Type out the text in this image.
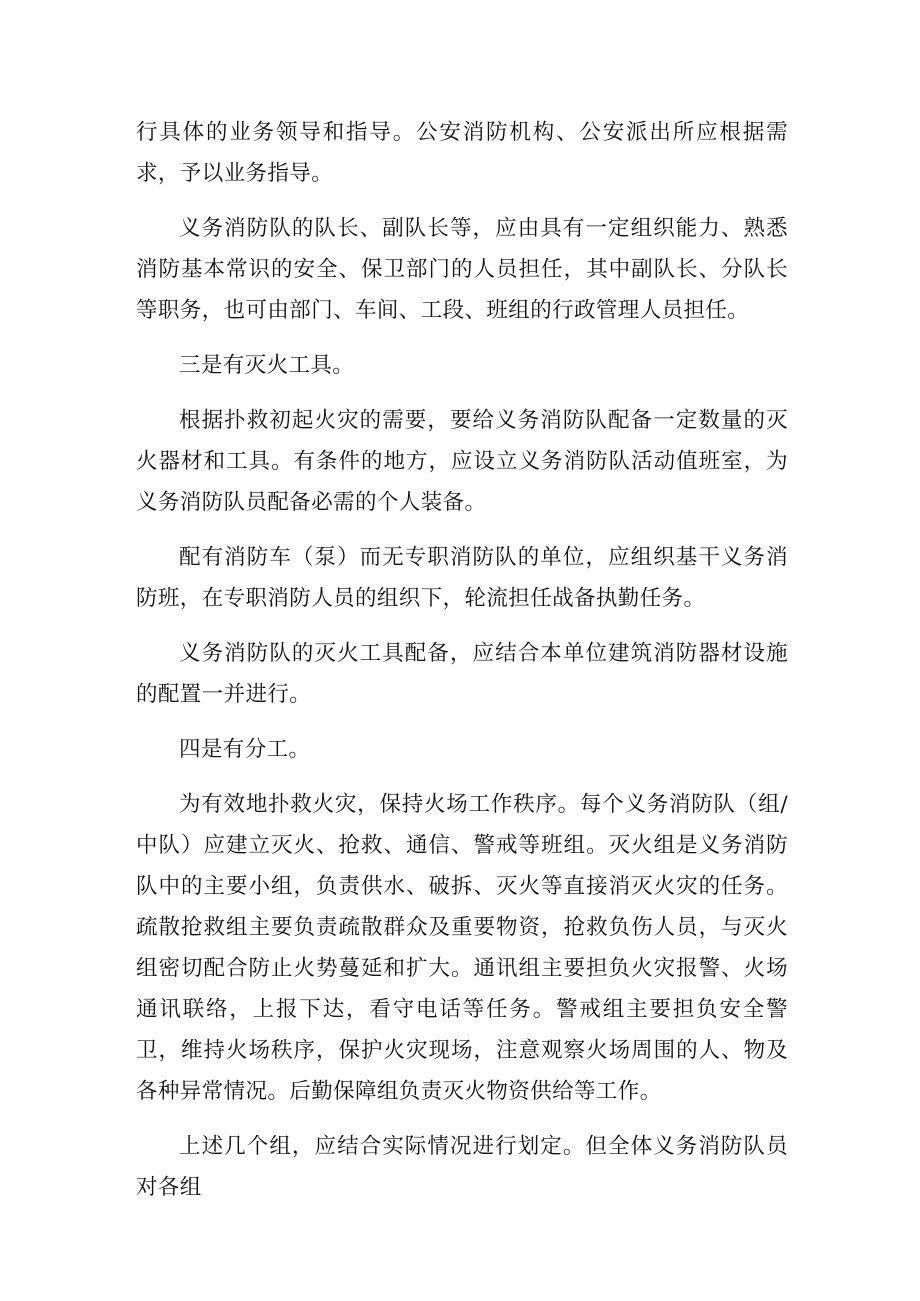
行具体的业务领导和指导。公安消防机构、公安派出所应根据需求，予以业务指导。

义务消防队的队长、副队长等，应由具有一定组织能力、熟悉消防基本常识的安全、保卫部门的人员担任，其中副队长、分队长等职务，也可由部门、车间、工段、班组的行政管理人员担任。

三是有灭火工具。

根据扑救初起火灾的需要，要给义务消防队配备一定数量的灭火器材和工具。有条件的地方，应设立义务消防队活动值班室，为义务消防队员配备必需的个人装备。

配有消防车（泵）而无专职消防队的单位，应组织基干义务消防班，在专职消防人员的组织下，轮流担任战备执勤任务。

义务消防队的灭火工具配备，应结合本单位建筑消防器材设施的配置一并进行。

四是有分工。

为有效地扑救火灾，保持火场工作秩序。每个义务消防队（组/中队）应建立灭火、抢救、通信、警戒等班组。灭火组是义务消防队中的主要小组，负责供水、破拆、灭火等直接消灭火灾的任务。疏散抢救组主要负责疏散群众及重要物资，抢救负伤人员，与灭火组密切配合防止火势蔓延和扩大。通讯组主要担负火灾报警、火场通讯联络，上报下达，看守电话等任务。警戒组主要担负安全警卫，维持火场秩序，保护火灾现场，注意观察火场周围的人、物及各种异常情况。后勤保障组负责灭火物资供给等工作。

上述几个组，应结合实际情况进行划定。但全体义务消防队员对各组
